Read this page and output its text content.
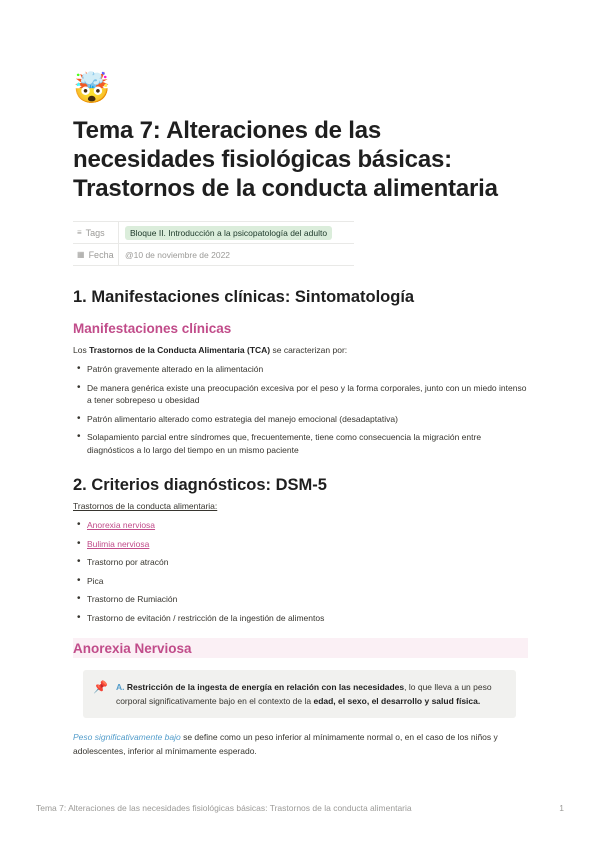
🤯
Tema 7: Alteraciones de las necesidades fisiológicas básicas: Trastornos de la conducta alimentaria
≡ Tags	Bloque II. Introducción a la psicopatología del adulto
▦ Fecha	@10 de noviembre de 2022
1. Manifestaciones clínicas: Sintomatología
Manifestaciones clínicas

Los Trastornos de la Conducta Alimentaria (TCA) se caracterizan por:

• Patrón gravemente alterado en la alimentación
• De manera genérica existe una preocupación excesiva por el peso y la forma corporales, junto con un miedo intenso a tener sobrepeso u obesidad
• Patrón alimentario alterado como estrategia del manejo emocional (desadaptativa)
• Solapamiento parcial entre síndromes que, frecuentemente, tiene como consecuencia la migración entre diagnósticos a lo largo del tiempo en un mismo paciente
2. Criterios diagnósticos: DSM-5

Trastornos de la conducta alimentaria:

• Anorexia nerviosa
• Bulimia nerviosa
• Trastorno por atracón
• Pica
• Trastorno de Rumiación
• Trastorno de evitación / restricción de la ingestión de alimentos
Anorexia Nerviosa
📌 A. Restricción de la ingesta de energía en relación con las necesidades, lo que lleva a un peso corporal significativamente bajo en el contexto de la edad, el sexo, el desarrollo y salud física.

Peso significativamente bajo se define como un peso inferior al mínimamente normal o, en el caso de los niños y adolescentes, inferior al mínimamente esperado.

Tema 7: Alteraciones de las necesidades fisiológicas básicas: Trastornos de la conducta alimentaria	1
